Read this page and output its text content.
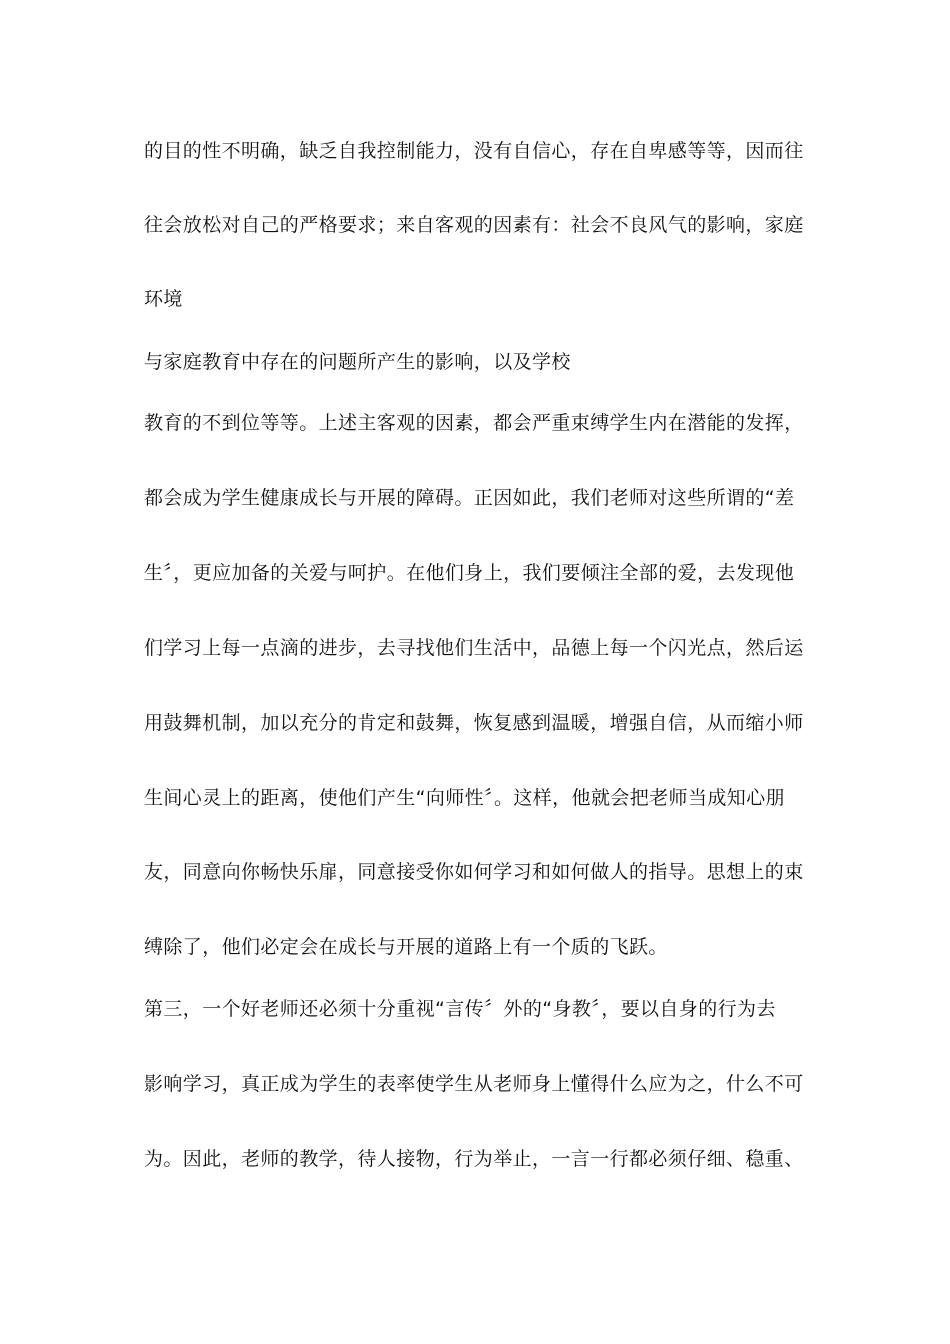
的目的性不明确，缺乏自我控制能力，没有自信心，存在自卑感等等，因而往
往会放松对自己的严格要求；来自客观的因素有：社会不良风气的影响，家庭
环境
与家庭教育中存在的问题所产生的影响，以及学校
教育的不到位等等。上述主客观的因素，都会严重束缚学生内在潜能的发挥，
都会成为学生健康成长与开展的障碍。正因如此，我们老师对这些所谓的“差
生〞，更应加备的关爱与呵护。在他们身上，我们要倾注全部的爱，去发现他
们学习上每一点滴的进步，去寻找他们生活中，品德上每一个闪光点，然后运
用鼓舞机制，加以充分的肯定和鼓舞，恢复感到温暖，增强自信，从而缩小师
生间心灵上的距离，使他们产生“向师性〞。这样，他就会把老师当成知心朋
友，同意向你畅快乐扉，同意接受你如何学习和如何做人的指导。思想上的束
缚除了，他们必定会在成长与开展的道路上有一个质的飞跃。
第三，一个好老师还必须十分重视“言传〞外的“身教〞，要以自身的行为去
影响学习，真正成为学生的表率使学生从老师身上懂得什么应为之，什么不可
为。因此，老师的教学，待人接物，行为举止，一言一行都必须仔细、稳重、
